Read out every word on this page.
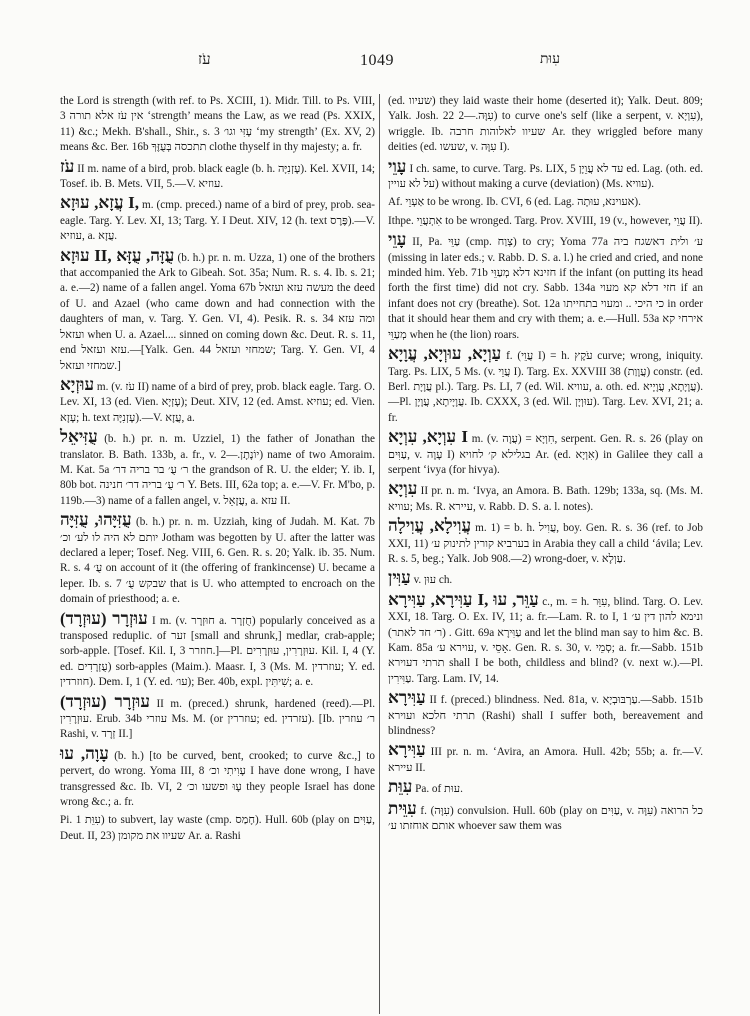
עֹז	1049	עִוּת

the Lord is strength (with ref. to Ps. XCIII, 1). Midr. Till. to Ps. VIII, 3 אין עֹז אלא תורה ‘strength’ means the Law, as we read (Ps. XXIX, 11) &c.; Mekh. B'shall., Shir., s. 3 עָזִּי וגו׳ ‘my strength’ (Ex. XV, 2) means &c. Ber. 16b תתכסה בְּעֻזֶּךָ clothe thyself in thy majesty; a. fr.

עֹז II m. name of a bird, prob. black eagle (b. h. עָזְנִיָּה). Kel. XVII, 14; Tosef. ib. B. Mets. VII, 5.—V. עוזיא.

עֲזָא, עוּזָא I, m. (cmp. preced.) name of a bird of prey, prob. sea-eagle. Targ. Y. Lev. XI, 13; Targ. Y. I Deut. XIV, 12 (h. text פֶּרֶס).—V. עוזיא, a. עֲזָא.

עוּזָא II, עֻזָּה, עֻזָּא (b. h.) pr. n. m. Uzza, 1) one of the brothers that accompanied the Ark to Gibeah. Sot. 35a; Num. R. s. 4. Ib. s. 21; a. e.—2) name of a fallen angel. Yoma 67b מעשה עזא ועזאל the deed of U. and Azael (who came down and had connection with the daughters of man, v. Targ. Y. Gen. VI, 4). Pesik. R. s. 34 ומה עזא ועזאל when U. a. Azael.... sinned on coming down &c. Deut. R. s. 11, end עזא ועזאל.—[Yalk. Gen. 44 שמחזי ועזאל; Targ. Y. Gen. VI, 4 שמחזי ועזאל.]

עוּזְיָא m. (v. עֹז II) name of a bird of prey, prob. black eagle. Targ. O. Lev. XI, 13 (ed. Vien. עָזְיָא); Deut. XIV, 12 (ed. Amst. עוזיא; ed. Vien. עָזָא; h. text עָזְנִיָּה).—V. עֲזָא, a.

עֻזִּיאֵל (b. h.) pr. n. m. Uzziel, 1) the father of Jonathan the translator. B. Bath. 133b, a. fr., v. יוֹנָתָן.—2) name of two Amoraim. M. Kat. 5a ר׳ עֻ׳ בר בריה דר׳ the grandson of R. U. the elder; Y. ib. I, 80b bot. ר׳ עֻ׳ בריה דר׳ חנינה Y. Bets. III, 62a top; a. e.—V. Fr. M'bo, p. 119b.—3) name of a fallen angel, v. עֲזָאֵל, a. עזא II.

עֻזִּיָּהוּ, עֻזִּיָּה (b. h.) pr. n. m. Uzziah, king of Judah. M. Kat. 7b יותם לא היה לו לע׳ וכ׳ Jotham was begotten by U. after the latter was declared a leper; Tosef. Neg. VIII, 6. Gen. R. s. 20; Yalk. ib. 35. Num. R. s. 4 עֻ׳ on account of it (the offering of frankincense) U. became a leper. Ib. s. 7 שבקש עֻ׳ that is U. who attempted to encroach on the domain of priesthood; a. e.

(עוּזְרָד) עוּזְרָר I m. (v. חוּזְרָר a. חֻזְרָר) popularly conceived as a transposed reduplic. of זער [small and shrunk,] medlar, crab-apple; sorb-apple. [Tosef. Kil. I, 3 חוזרר.]—Pl. עוּזְרָרִין, עוּזְרָרִים. Kil. I, 4 (Y. ed. עֻזְרָדִים) sorb-apples (Maim.). Maasr. I, 3 (Ms. M. עוזרדין; Y. ed. חוזרדין). Dem. I, 1 (Y. ed. עו׳); Ber. 40b, expl. שִׁיתִּין; a. e.

(עוּזְרָד) עוּזְרָר II m. (preced.) shrunk, hardened (reed).—Pl. עוּזְרָרִין. Erub. 34b עוזרי Ms. M. (or עוזררין; ed. עזרדין). [Ib. ר׳ עוזרין Rashi, v. זְרָד II.]

עָוָה, עוּ (b. h.) [to be curved, bent, crooked; to curve &c.,] to pervert, do wrong. Yoma III, 8 עָוִיתִי וכ׳ I have done wrong, I have transgressed &c. Ib. VI, 2 עָוּ ופשעו וכ׳ they people Israel has done wrong &c.; a. fr.

Pi. עִוֵּת 1) to subvert, lay waste (cmp. חָמַס). Hull. 60b (play on עַוִּים, Deut. II, 23) שעיוו את מקומן Ar. a. Rashi

(ed. שעיוו) they laid waste their home (deserted it); Yalk. Deut. 809; Yalk. Josh. 22 עִוָּה.—2) to curve one's self (like a serpent, v. עִוְיָא), wriggle. Ib. שעיוו לאלוהות חרבה Ar. they wriggled before many deities (ed. שעשו, v. עִוָּה I).

עָוֵי I ch. same, to curve. Targ. Ps. LIX, 5 עד לא עֲוֵיָן ed. Lag. (oth. ed. על לא עויין) without making a curve (deviation) (Ms. עוויא).

Af. אַעְוֵי to be wrong. Ib. CVI, 6 (ed. Lag. אעוינא, עוּתָה).

Ithpe. אִתְעֲוֵי to be wronged. Targ. Prov. XVIII, 19 (v., however, עֲוֵי II).

עָוֵי II, Pa. עַוֵּי (cmp. צְוַח) to cry; Yoma 77a ע׳ ולית דאשגח ביה (missing in later eds.; v. Rabb. D. S. a. l.) he cried and cried, and none minded him. Yeb. 71b חזינא דלא מְעַוֵּי if the infant (on putting its head forth the first time) did not cry. Sabb. 134a חזי דלא קא מעוי if an infant does not cry (breathe). Sot. 12a כי היכי .. ומעוי בתחייתו in order that it should hear them and cry with them; a. e.—Hull. 53a אירחי קא מְעַוֵּי when he (the lion) roars.

עַוְיָא, עוּוְיָא, עֲוָיָא f. (עֲוֵי I) = h. עֹקֶץ curve; wrong, iniquity. Targ. Ps. LIX, 5 Ms. (v. עֲוֵי I). Targ. Ex. XXVIII 38 (עֲוָוַת) constr. (ed. Berl. עֲוָיָת pl.). Targ. Ps. LI, 7 (ed. Wil. עוויא, a. oth. ed. עֲוָיָתָא, עֲוָיָיא).—Pl. עֲוָיָיתָא, עֲוָיָן. Ib. CXXX, 3 (ed. Wil. עוּוְיָן). Targ. Lev. XVI, 21; a. fr.

עִוְיָא, עִוְיָא I m. (v. עֲוָה) = חִוְיָא, serpent. Gen. R. s. 26 (play on עַוִּים, v. עָוָה I) בגלילא ק׳ לחויא Ar. (ed. אִוְיָא) in Galilee they call a serpent ‘ivya (for hivya).

עִוְיָא II pr. n. m. ‘Ivya, an Amora. B. Bath. 129b; 133a, sq. (Ms. M. עוויא; Ms. R. עיירא, v. Rabb. D. S. a. l. notes).

עֲוִילָא, עֲוִילָה m. 1) = b. h. עֲוִיל, boy. Gen. R. s. 36 (ref. to Job XXI, 11) בערביא קורין לתינוק ע׳ in Arabia they call a child ‘ávila; Lev. R. s. 5, beg.; Yalk. Job 908.—2) wrong-doer, v. עַוְלָא.

עַוִּין v. עוּן ch.

עַוִּירָא, עַוִּירָא I, עַוֵּר, עוּ c., m. = h. עִוֵּר, blind. Targ. O. Lev. XXI, 18. Targ. O. Ex. IV, 11; a. fr.—Lam. R. to I, 1 ונימא להון דין ע׳ (ר׳ חד לאתר) . Gitt. 69a עַוִּירָא and let the blind man say to him &c. B. Kam. 85a עוירא ע׳, v. אָסֵי. Gen. R. s. 30, v. סְמֵי; a. fr.—Sabb. 151b תרתי דעוירא shall I be both, childless and blind? (v. next w.).—Pl. עַוִּירִין. Targ. Lam. IV, 14.

עַוִּירָא II f. (preced.) blindness. Ned. 81a, v. עַרְבּוּבְיָא.—Sabb. 151b תרתי חלכא ועוירא (Rashi) shall I suffer both, bereavement and blindness?

עַוִּירָא III pr. n. m. ‘Avira, an Amora. Hull. 42b; 55b; a. fr.—V. עיירא II.

עִוֵּת Pa. of עוּת.

עִוֵּית f. (עִוָּה) convulsion. Hull. 60b (play on עַוִּים, v. עִוָּה) כל הרואה אותם אוחזתו ע׳ whoever saw them was
